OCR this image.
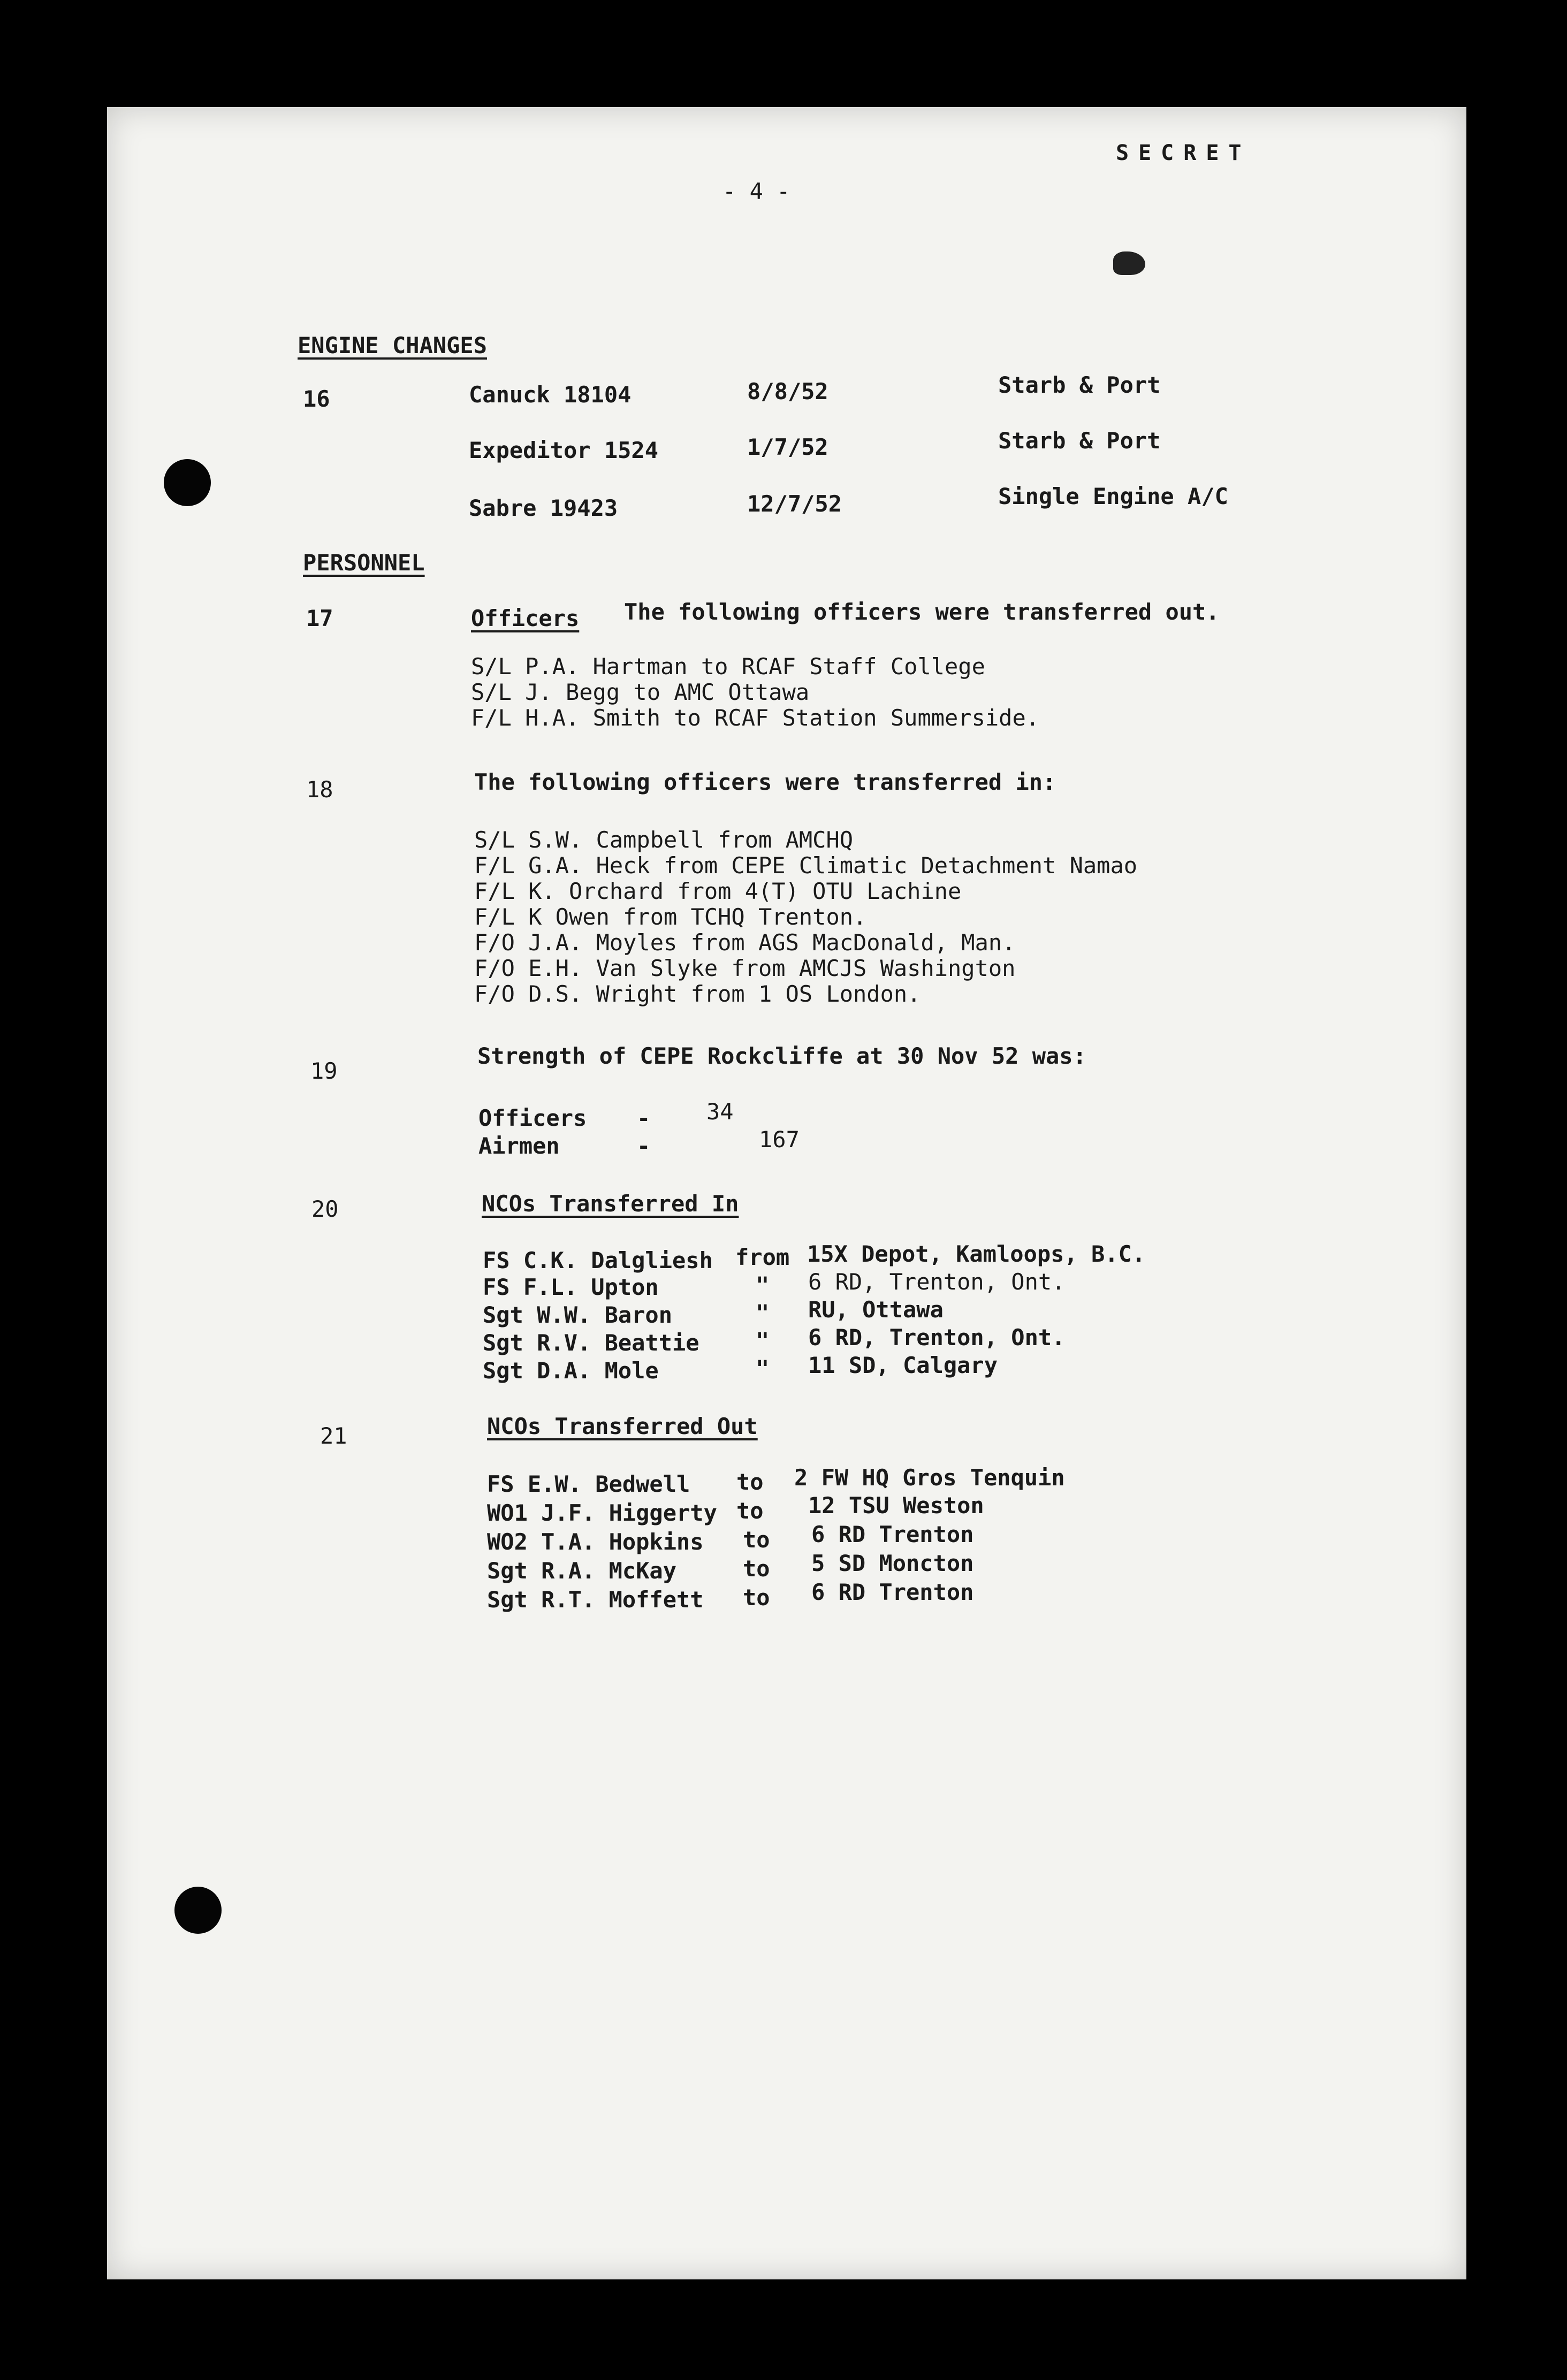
SECRET
- 4 -
ENGINE CHANGES
16	Canuck 18104	8/8/52	Starb & Port
Expeditor 1524	1/7/52	Starb & Port
Sabre 19423	12/7/52	Single Engine A/C
PERSONNEL
17	Officers The following officers were transferred out.
S/L P.A. Hartman to RCAF Staff College
S/L J. Begg to AMC Ottawa
F/L H.A. Smith to RCAF Station Summerside.
18	The following officers were transferred in:
S/L S.W. Campbell from AMCHQ
F/L G.A. Heck from CEPE Climatic Detachment Namao
F/L K. Orchard from 4(T) OTU Lachine
F/L K Owen from TCHQ Trenton.
F/O J.A. Moyles from AGS MacDonald, Man.
F/O E.H. Van Slyke from AMCJS Washington
F/O D.S. Wright from 1 OS London.
19
Strength of CEPE Rockcliffe at 30 Nov 52 was:
Officers - 34
Airmen	-	167
20	NCOs Transferred In
FS C.K. Dalgliesh from 15X Depot, Kamloops, B.C.
FS F.L. Upton	" 6 RD, Trenton, Ont.
Sgt W.W. Baron	" RU, Ottawa
Sgt R.V. Beattie	" 6 RD, Trenton, Ont.
Sgt D.A. Mole	" 11 SD, Calgary
21	NCOs Transferred Out
FS E.W. Bedwell to 2 FW HQ Gros Tenquin
WO1 J.F. Higgerty to 12 TSU Weston
WO2 T.A. Hopkins to 6 RD Trenton
Sgt R.A. McKay	to 5 SD Moncton
Sgt R.T. Moffett to 6 RD Trenton
